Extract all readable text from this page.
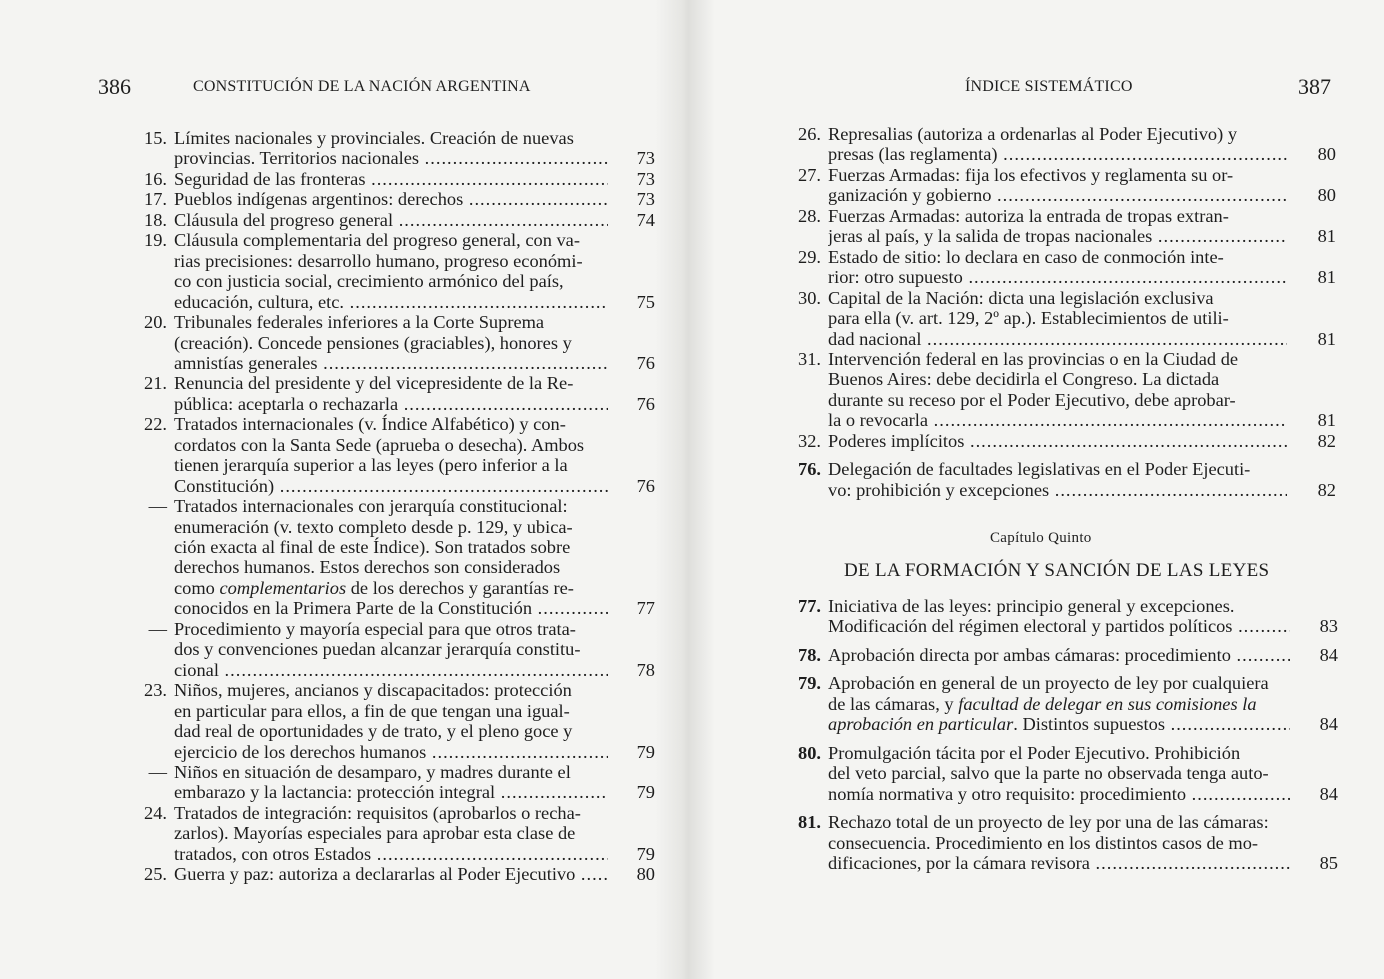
386	CONSTITUCIÓN DE LA NACIÓN ARGENTINA
15. Límites nacionales y provinciales. Creación de nuevas
provincias. Territorios nacionales .....	73
16. Seguridad de las fronteras .....	73
17. Pueblos indígenas argentinos: derechos .....	73
18. Cláusula del progreso general .....	74
19. Cláusula complementaria del progreso general, con va-
rias precisiones: desarrollo humano, progreso económi-
co con justicia social, crecimiento armónico del país,
educación, cultura, etc. .....	75
20. Tribunales federales inferiores a la Corte Suprema
(creación). Concede pensiones (graciables), honores y
amnistías generales .....	76
21. Renuncia del presidente y del vicepresidente de la Re-
pública: aceptarla o rechazarla .....	76
22. Tratados internacionales (v. Índice Alfabético) y con-
cordatos con la Santa Sede (aprueba o desecha). Ambos
tienen jerarquía superior a las leyes (pero inferior a la
Constitución) .....	76
— Tratados internacionales con jerarquía constitucional:
enumeración (v. texto completo desde p. 129, y ubica-
ción exacta al final de este Índice). Son tratados sobre
derechos humanos. Estos derechos son considerados
como complementarios de los derechos y garantías re-
conocidos en la Primera Parte de la Constitución .....	77
— Procedimiento y mayoría especial para que otros trata-
dos y convenciones puedan alcanzar jerarquía constitu-
cional .....	78
23. Niños, mujeres, ancianos y discapacitados: protección
en particular para ellos, a fin de que tengan una igual-
dad real de oportunidades y de trato, y el pleno goce y
ejercicio de los derechos humanos .....	79
— Niños en situación de desamparo, y madres durante el
embarazo y la lactancia: protección integral .....	79
24. Tratados de integración: requisitos (aprobarlos o recha-
zarlos). Mayorías especiales para aprobar esta clase de
tratados, con otros Estados .....	79
25. Guerra y paz: autoriza a declararlas al Poder Ejecutivo .....	80
ÍNDICE SISTEMÁTICO	387
26. Represalias (autoriza a ordenarlas al Poder Ejecutivo) y
presas (las reglamenta) .....	80
27. Fuerzas Armadas: fija los efectivos y reglamenta su or-
ganización y gobierno .....	80
28. Fuerzas Armadas: autoriza la entrada de tropas extran-
jeras al país, y la salida de tropas nacionales .....	81
29. Estado de sitio: lo declara en caso de conmoción inte-
rior: otro supuesto .....	81
30. Capital de la Nación: dicta una legislación exclusiva
para ella (v. art. 129, 2º ap.). Establecimientos de utili-
dad nacional .....	81
31. Intervención federal en las provincias o en la Ciudad de
Buenos Aires: debe decidirla el Congreso. La dictada
durante su receso por el Poder Ejecutivo, debe aprobar-
la o revocarla .....	81
32. Poderes implícitos .....	82
76. Delegación de facultades legislativas en el Poder Ejecuti-
vo: prohibición y excepciones .....	82
Capítulo Quinto
DE LA FORMACIÓN Y SANCIÓN DE LAS LEYES
77. Iniciativa de las leyes: principio general y excepciones.
Modificación del régimen electoral y partidos políticos .....	83
78. Aprobación directa por ambas cámaras: procedimiento .....	84
79. Aprobación en general de un proyecto de ley por cualquiera
de las cámaras, y facultad de delegar en sus comisiones la
aprobación en particular. Distintos supuestos .....	84
80. Promulgación tácita por el Poder Ejecutivo. Prohibición
del veto parcial, salvo que la parte no observada tenga auto-
nomía normativa y otro requisito: procedimiento .....	84
81. Rechazo total de un proyecto de ley por una de las cámaras:
consecuencia. Procedimiento en los distintos casos de mo-
dificaciones, por la cámara revisora .....	85
